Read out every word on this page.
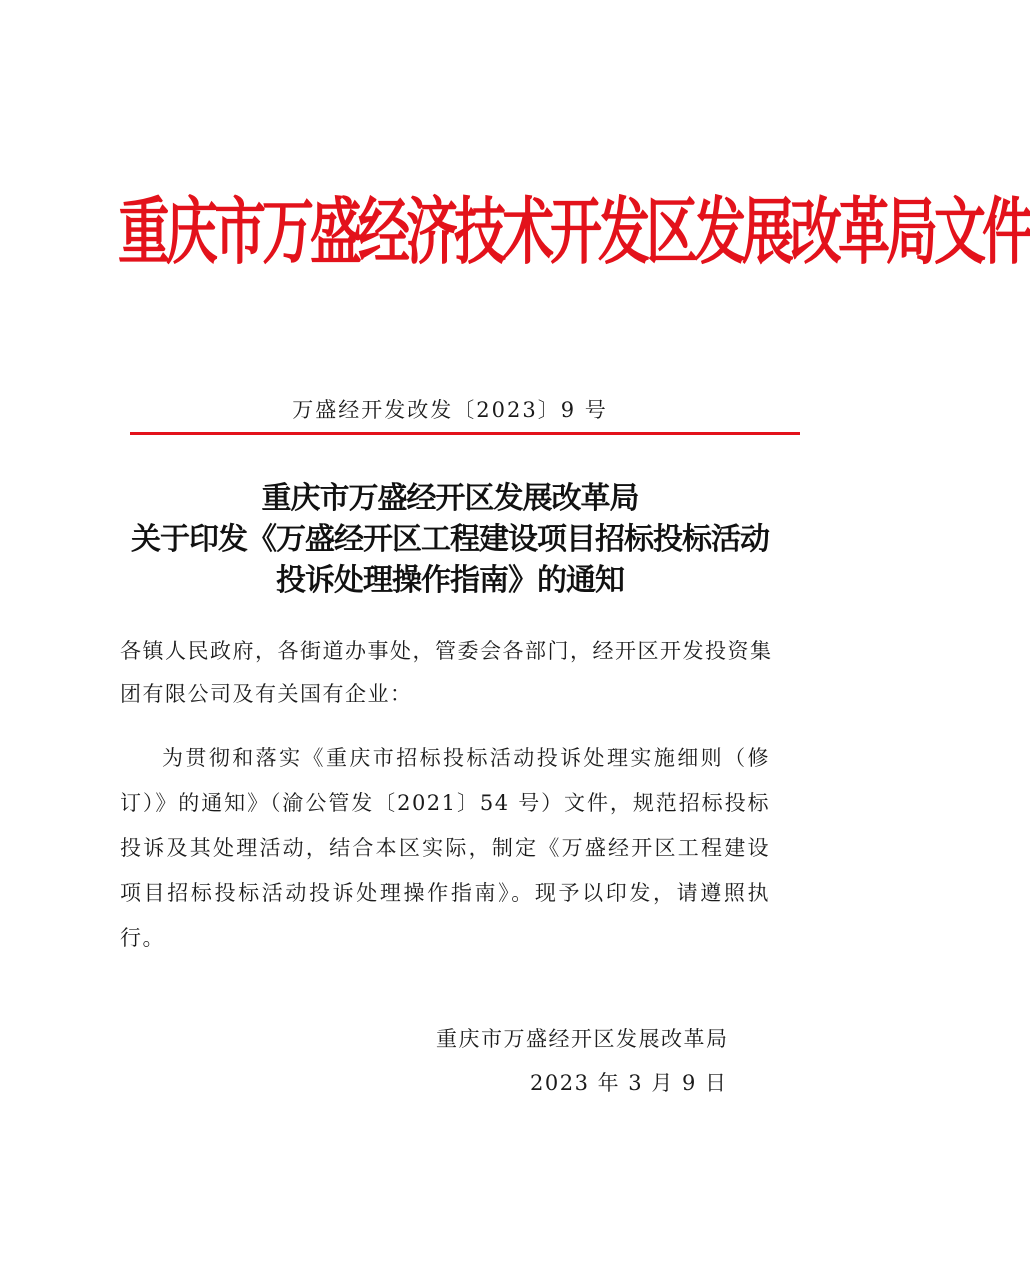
重庆市万盛经济技术开发区发展改革局文件
万盛经开发改发〔2023〕9 号
重庆市万盛经开区发展改革局
关于印发《万盛经开区工程建设项目招标投标活动
投诉处理操作指南》的通知
各镇人民政府，各街道办事处，管委会各部门，经开区开发投资集团有限公司及有关国有企业：
为贯彻和落实《重庆市招标投标活动投诉处理实施细则（修订）》的通知》（渝公管发〔2021〕54 号）文件，规范招标投标投诉及其处理活动，结合本区实际，制定《万盛经开区工程建设项目招标投标活动投诉处理操作指南》。现予以印发，请遵照执行。
重庆市万盛经开区发展改革局
2023 年 3 月 9 日
